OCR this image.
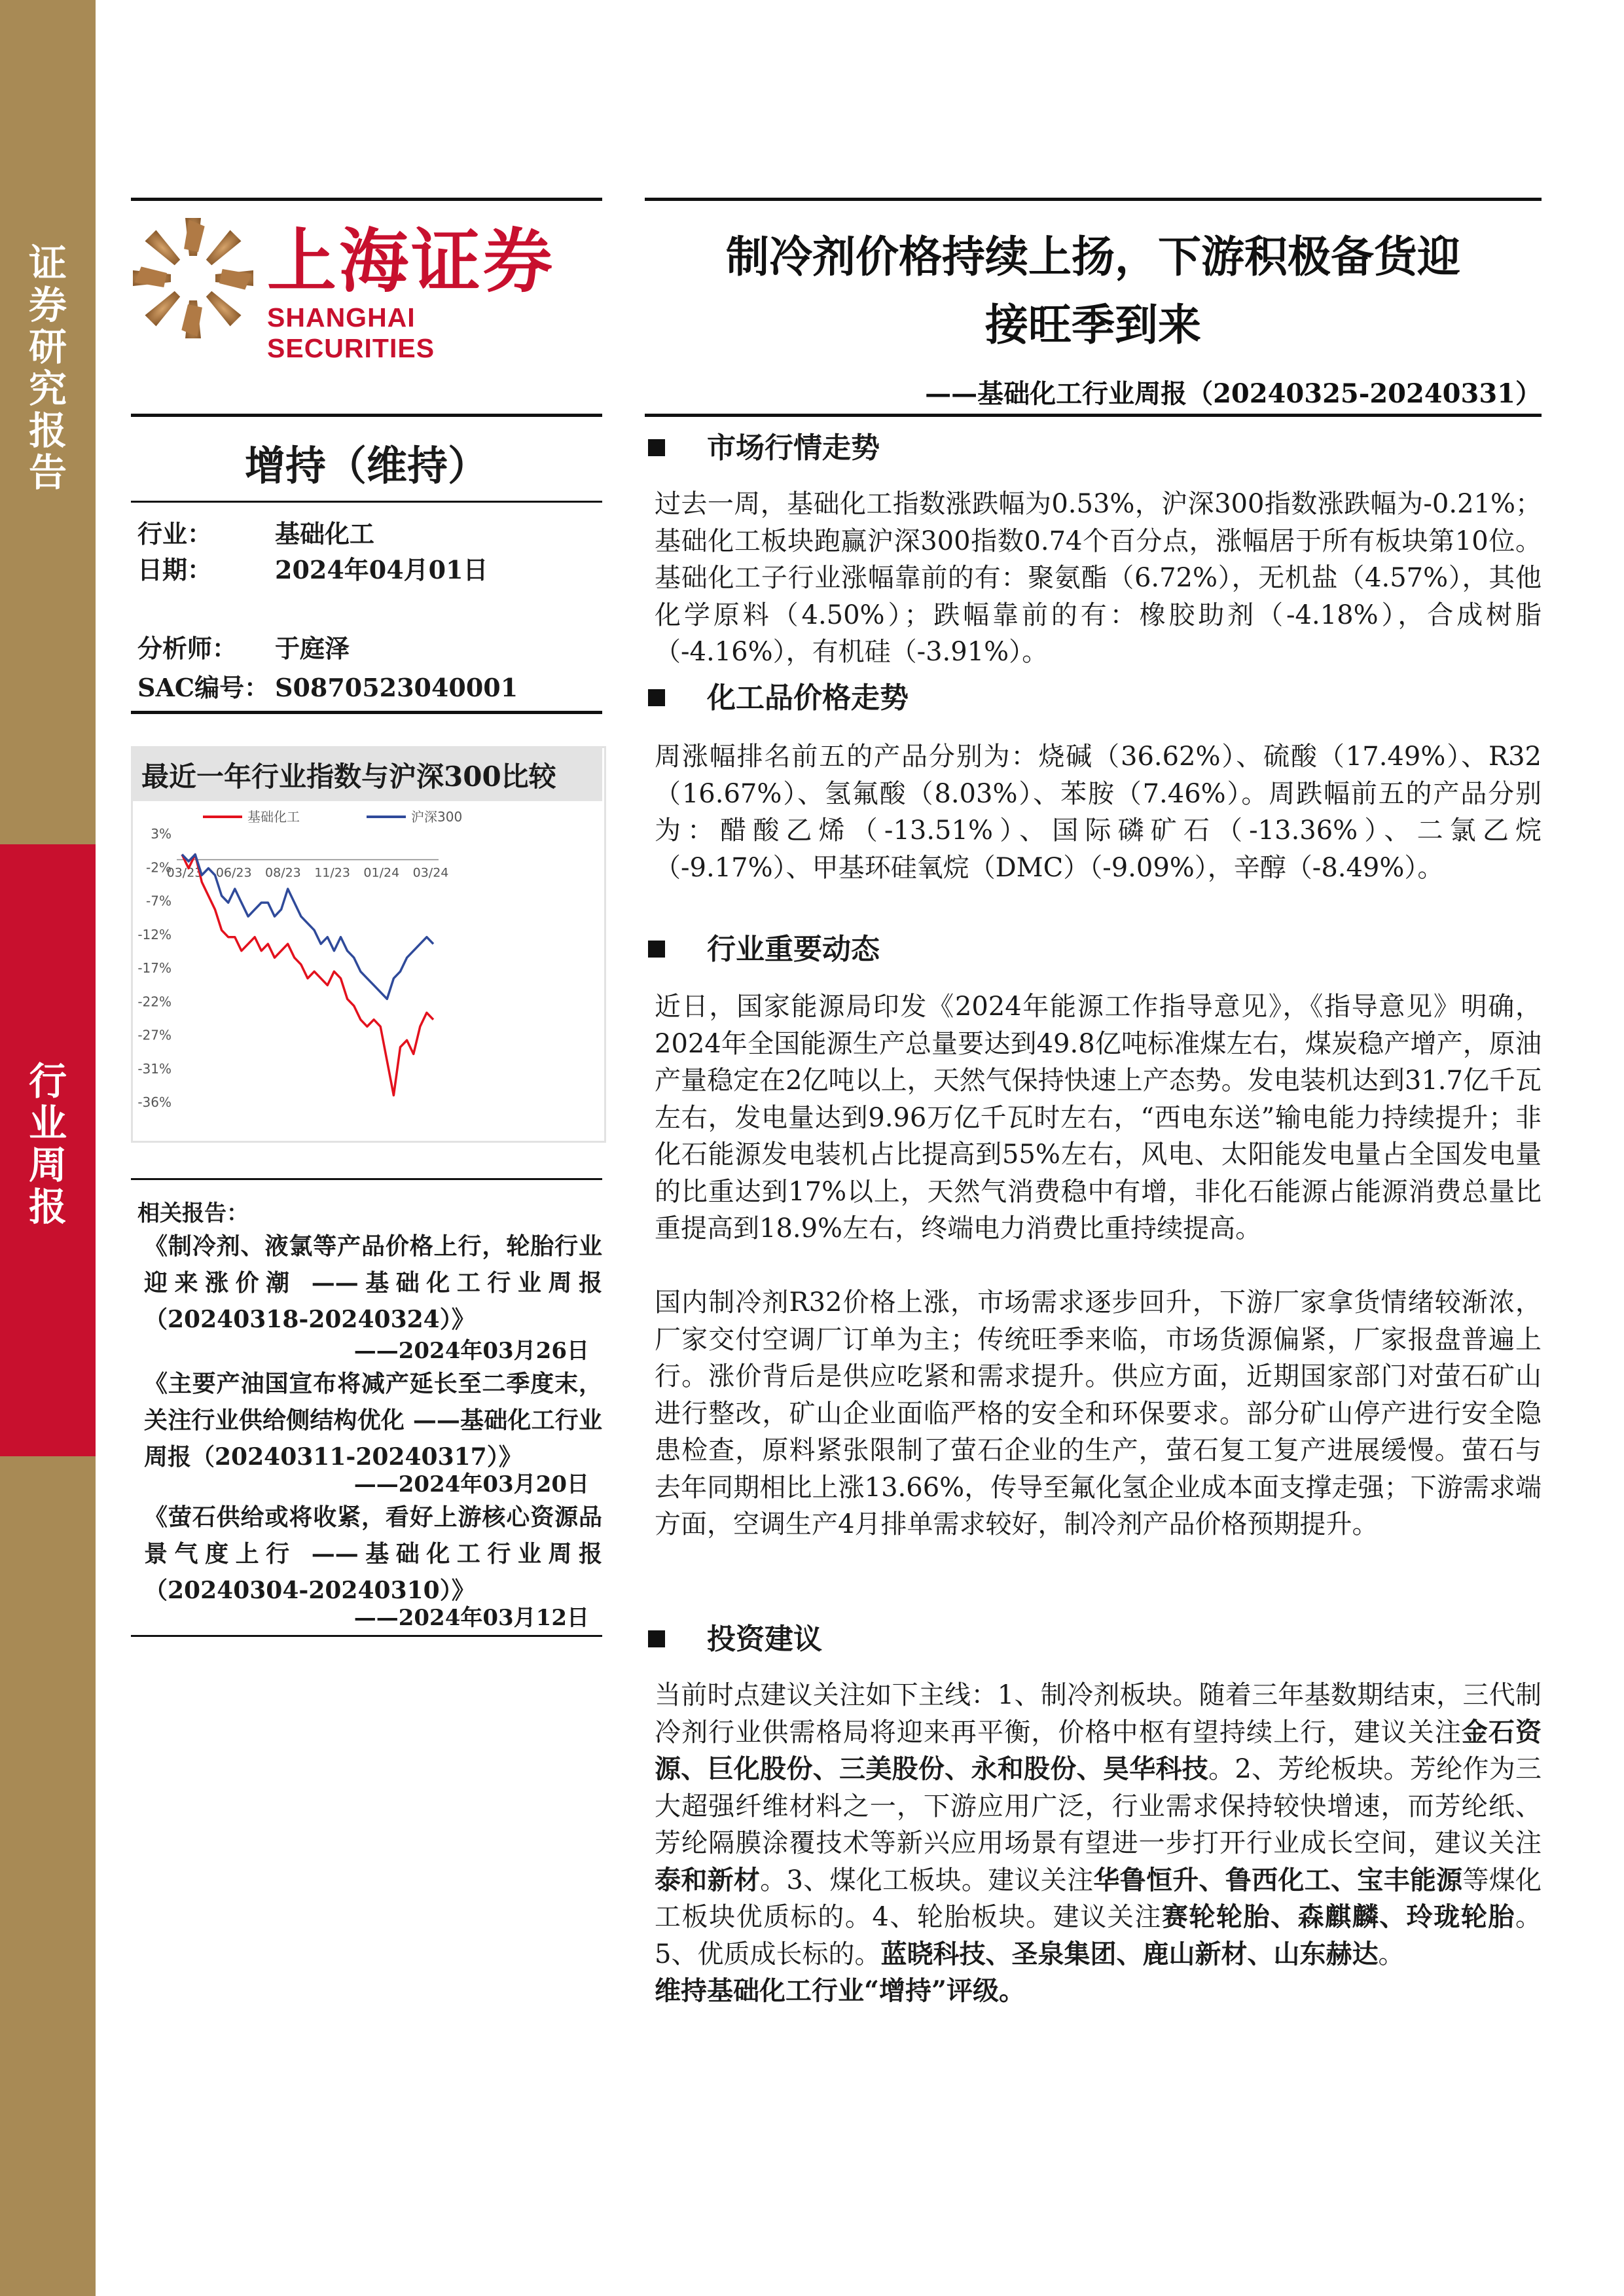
证券研究报告
行业周报
上海证券
SHANGHAI SECURITIES
制冷剂价格持续上扬，下游积极备货迎
接旺季到来
——基础化工行业周报（20240325-20240331）
增持（维持）
行业：	基础化工
日期：	2024年04月01日
分析师： 于庭泽
SAC编号： S0870523040001
最近一年行业指数与沪深300比较
基础化工	沪深300
3%
-2%
-7%
-12%
-17%
-22%
-27%
-31%
-36%
03/23 06/23 08/23 11/23 01/24 03/24
相关报告：
《制冷剂、液氯等产品价格上行，轮胎行业迎来涨价潮 ——基础化工行业周报（20240318-20240324）》
——2024年03月26日
《主要产油国宣布将减产延长至二季度末，关注行业供给侧结构优化 ——基础化工行业周报（20240311-20240317）》
——2024年03月20日
《萤石供给或将收紧，看好上游核心资源品景气度上行 ——基础化工行业周报（20240304-20240310）》
——2024年03月12日
市场行情走势
过去一周，基础化工指数涨跌幅为0.53%，沪深300指数涨跌幅为-0.21%；基础化工板块跑赢沪深300指数0.74个百分点，涨幅居于所有板块第10位。基础化工子行业涨幅靠前的有：聚氨酯（6.72%），无机盐（4.57%），其他化学原料（4.50%）；跌幅靠前的有：橡胶助剂（-4.18%），合成树脂（-4.16%），有机硅（-3.91%）。
化工品价格走势
周涨幅排名前五的产品分别为：烧碱（36.62%）、硫酸（17.49%）、R32（16.67%）、氢氟酸（8.03%）、苯胺（7.46%）。周跌幅前五的产品分别为：醋酸乙烯（-13.51%）、国际磷矿石（-13.36%）、二氯乙烷（-9.17%）、甲基环硅氧烷（DMC）（-9.09%），辛醇（-8.49%）。
行业重要动态
近日，国家能源局印发《2024年能源工作指导意见》，《指导意见》明确，2024年全国能源生产总量要达到49.8亿吨标准煤左右，煤炭稳产增产，原油产量稳定在2亿吨以上，天然气保持快速上产态势。发电装机达到31.7亿千瓦左右，发电量达到9.96万亿千瓦时左右，“西电东送”输电能力持续提升；非化石能源发电装机占比提高到55%左右，风电、太阳能发电量占全国发电量的比重达到17%以上，天然气消费稳中有增，非化石能源占能源消费总量比重提高到18.9%左右，终端电力消费比重持续提高。
国内制冷剂R32价格上涨，市场需求逐步回升，下游厂家拿货情绪较渐浓，厂家交付空调厂订单为主；传统旺季来临，市场货源偏紧，厂家报盘普遍上行。涨价背后是供应吃紧和需求提升。供应方面，近期国家部门对萤石矿山进行整改，矿山企业面临严格的安全和环保要求。部分矿山停产进行安全隐患检查，原料紧张限制了萤石企业的生产，萤石复工复产进展缓慢。萤石与去年同期相比上涨13.66%，传导至氟化氢企业成本面支撑走强；下游需求端方面，空调生产4月排单需求较好，制冷剂产品价格预期提升。
投资建议
当前时点建议关注如下主线：1、制冷剂板块。随着三年基数期结束，三代制冷剂行业供需格局将迎来再平衡，价格中枢有望持续上行，建议关注金石资源、巨化股份、三美股份、永和股份、昊华科技。2、芳纶板块。芳纶作为三大超强纤维材料之一，下游应用广泛，行业需求保持较快增速，而芳纶纸、芳纶隔膜涂覆技术等新兴应用场景有望进一步打开行业成长空间，建议关注泰和新材。3、煤化工板块。建议关注华鲁恒升、鲁西化工、宝丰能源等煤化工板块优质标的。4、轮胎板块。建议关注赛轮轮胎、森麒麟、玲珑轮胎。5、优质成长标的。蓝晓科技、圣泉集团、鹿山新材、山东赫达。
维持基础化工行业“增持”评级。
